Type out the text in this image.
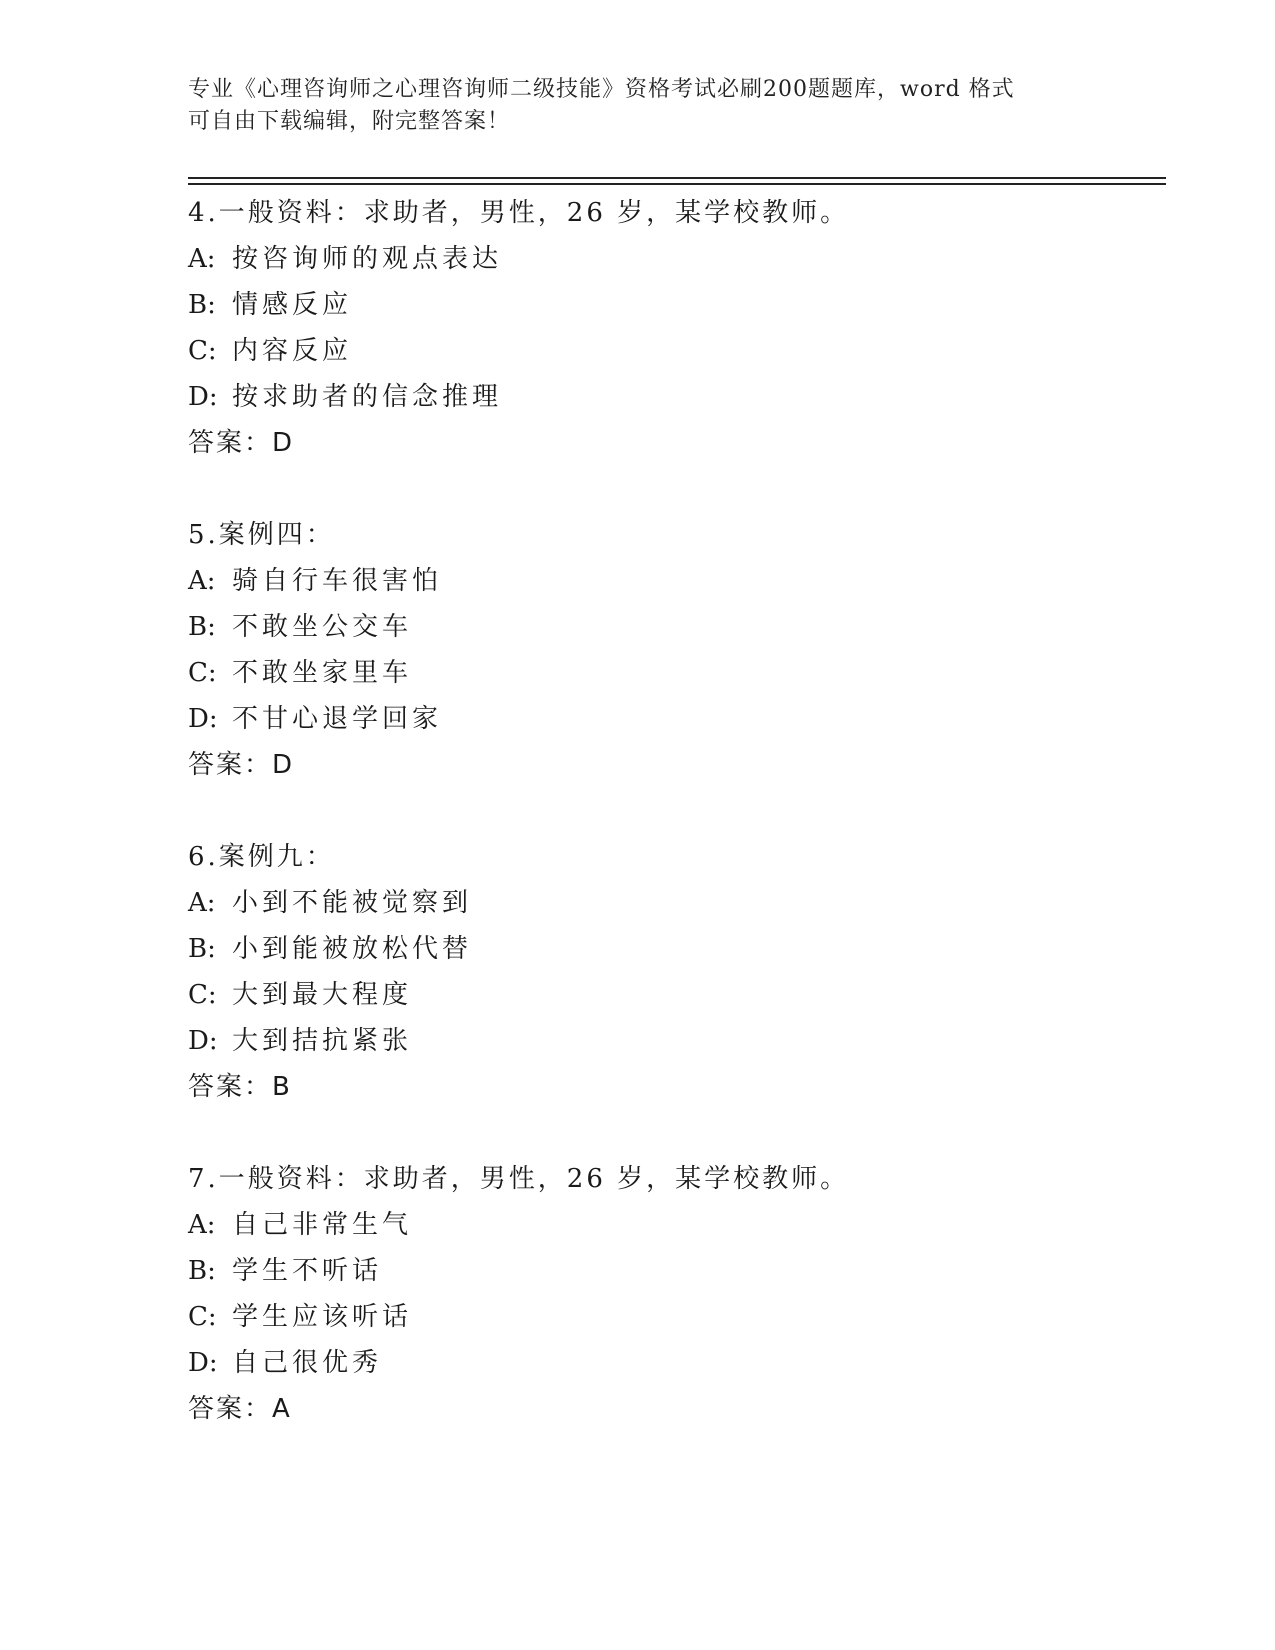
专业《心理咨询师之心理咨询师二级技能》资格考试必刷200题题库，word 格式
可自由下载编辑，附完整答案！
4.一般资料：求助者，男性，26 岁，某学校教师。
A: 按咨询师的观点表达
B: 情感反应
C: 内容反应
D: 按求助者的信念推理
答案：D
5.案例四：
A: 骑自行车很害怕
B: 不敢坐公交车
C: 不敢坐家里车
D: 不甘心退学回家
答案：D
6.案例九：
A: 小到不能被觉察到
B: 小到能被放松代替
C: 大到最大程度
D: 大到拮抗紧张
答案：B
7.一般资料：求助者，男性，26 岁，某学校教师。
A: 自己非常生气
B: 学生不听话
C: 学生应该听话
D: 自己很优秀
答案：A
